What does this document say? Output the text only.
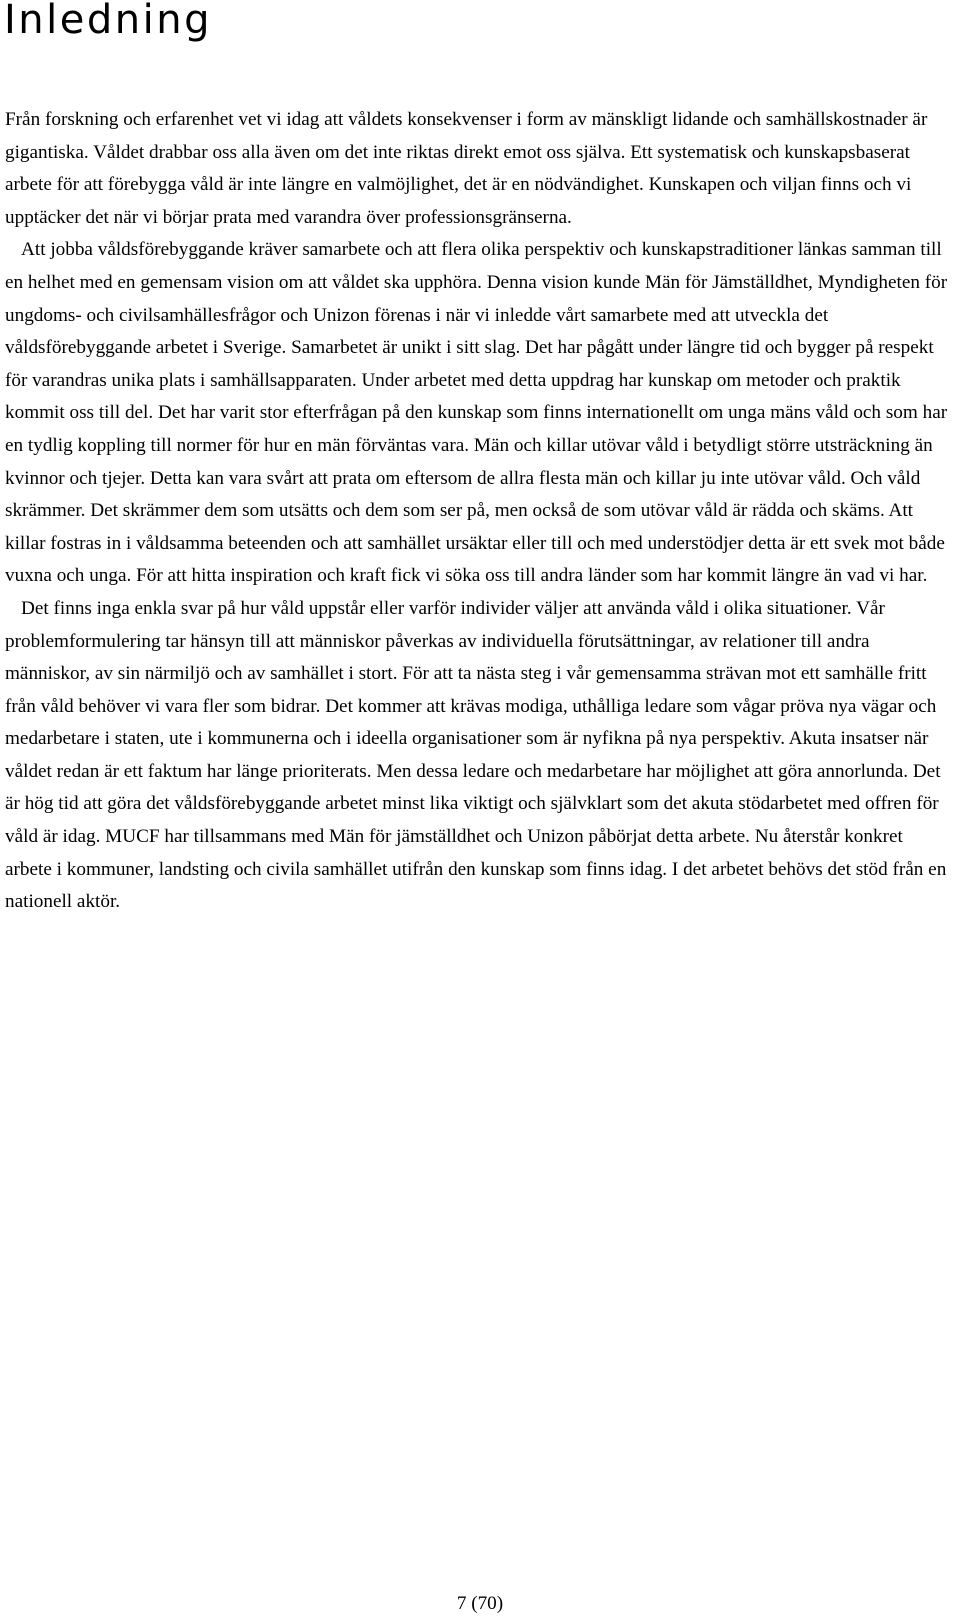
Inledning

Från forskning och erfarenhet vet vi idag att våldets konsekvenser i form av mänskligt lidande och samhällskostnader är gigantiska. Våldet drabbar oss alla även om det inte riktas direkt emot oss själva. Ett systematisk och kunskapsbaserat arbete för att förebygga våld är inte längre en valmöjlighet, det är en nödvändighet. Kunskapen och viljan finns och vi upptäcker det när vi börjar prata med varandra över professionsgränserna.

Att jobba våldsförebyggande kräver samarbete och att flera olika perspektiv och kunskapstraditioner länkas samman till en helhet med en gemensam vision om att våldet ska upphöra. Denna vision kunde Män för Jämställdhet, Myndigheten för ungdoms- och civilsamhällesfrågor och Unizon förenas i när vi inledde vårt samarbete med att utveckla det våldsförebyggande arbetet i Sverige. Samarbetet är unikt i sitt slag. Det har pågått under längre tid och bygger på respekt för varandras unika plats i samhällsapparaten. Under arbetet med detta uppdrag har kunskap om metoder och praktik kommit oss till del. Det har varit stor efterfrågan på den kunskap som finns internationellt om unga mäns våld och som har en tydlig koppling till normer för hur en män förväntas vara. Män och killar utövar våld i betydligt större utsträckning än kvinnor och tjejer. Detta kan vara svårt att prata om eftersom de allra flesta män och killar ju inte utövar våld. Och våld skrämmer. Det skrämmer dem som utsätts och dem som ser på, men också de som utövar våld är rädda och skäms. Att killar fostras in i våldsamma beteenden och att samhället ursäktar eller till och med understödjer detta är ett svek mot både vuxna och unga. För att hitta inspiration och kraft fick vi söka oss till andra länder som har kommit längre än vad vi har.

Det finns inga enkla svar på hur våld uppstår eller varför individer väljer att använda våld i olika situationer. Vår problemformulering tar hänsyn till att människor påverkas av individuella förutsättningar, av relationer till andra människor, av sin närmiljö och av samhället i stort. För att ta nästa steg i vår gemensamma strävan mot ett samhälle fritt från våld behöver vi vara fler som bidrar. Det kommer att krävas modiga, uthålliga ledare som vågar pröva nya vägar och medarbetare i staten, ute i kommunerna och i ideella organisationer som är nyfikna på nya perspektiv. Akuta insatser när våldet redan är ett faktum har länge prioriterats. Men dessa ledare och medarbetare har möjlighet att göra annorlunda. Det är hög tid att göra det våldsförebyggande arbetet minst lika viktigt och självklart som det akuta stödarbetet med offren för våld är idag. MUCF har tillsammans med Män för jämställdhet och Unizon påbörjat detta arbete. Nu återstår konkret arbete i kommuner, landsting och civila samhället utifrån den kunskap som finns idag. I det arbetet behövs det stöd från en nationell aktör.

7 (70)
